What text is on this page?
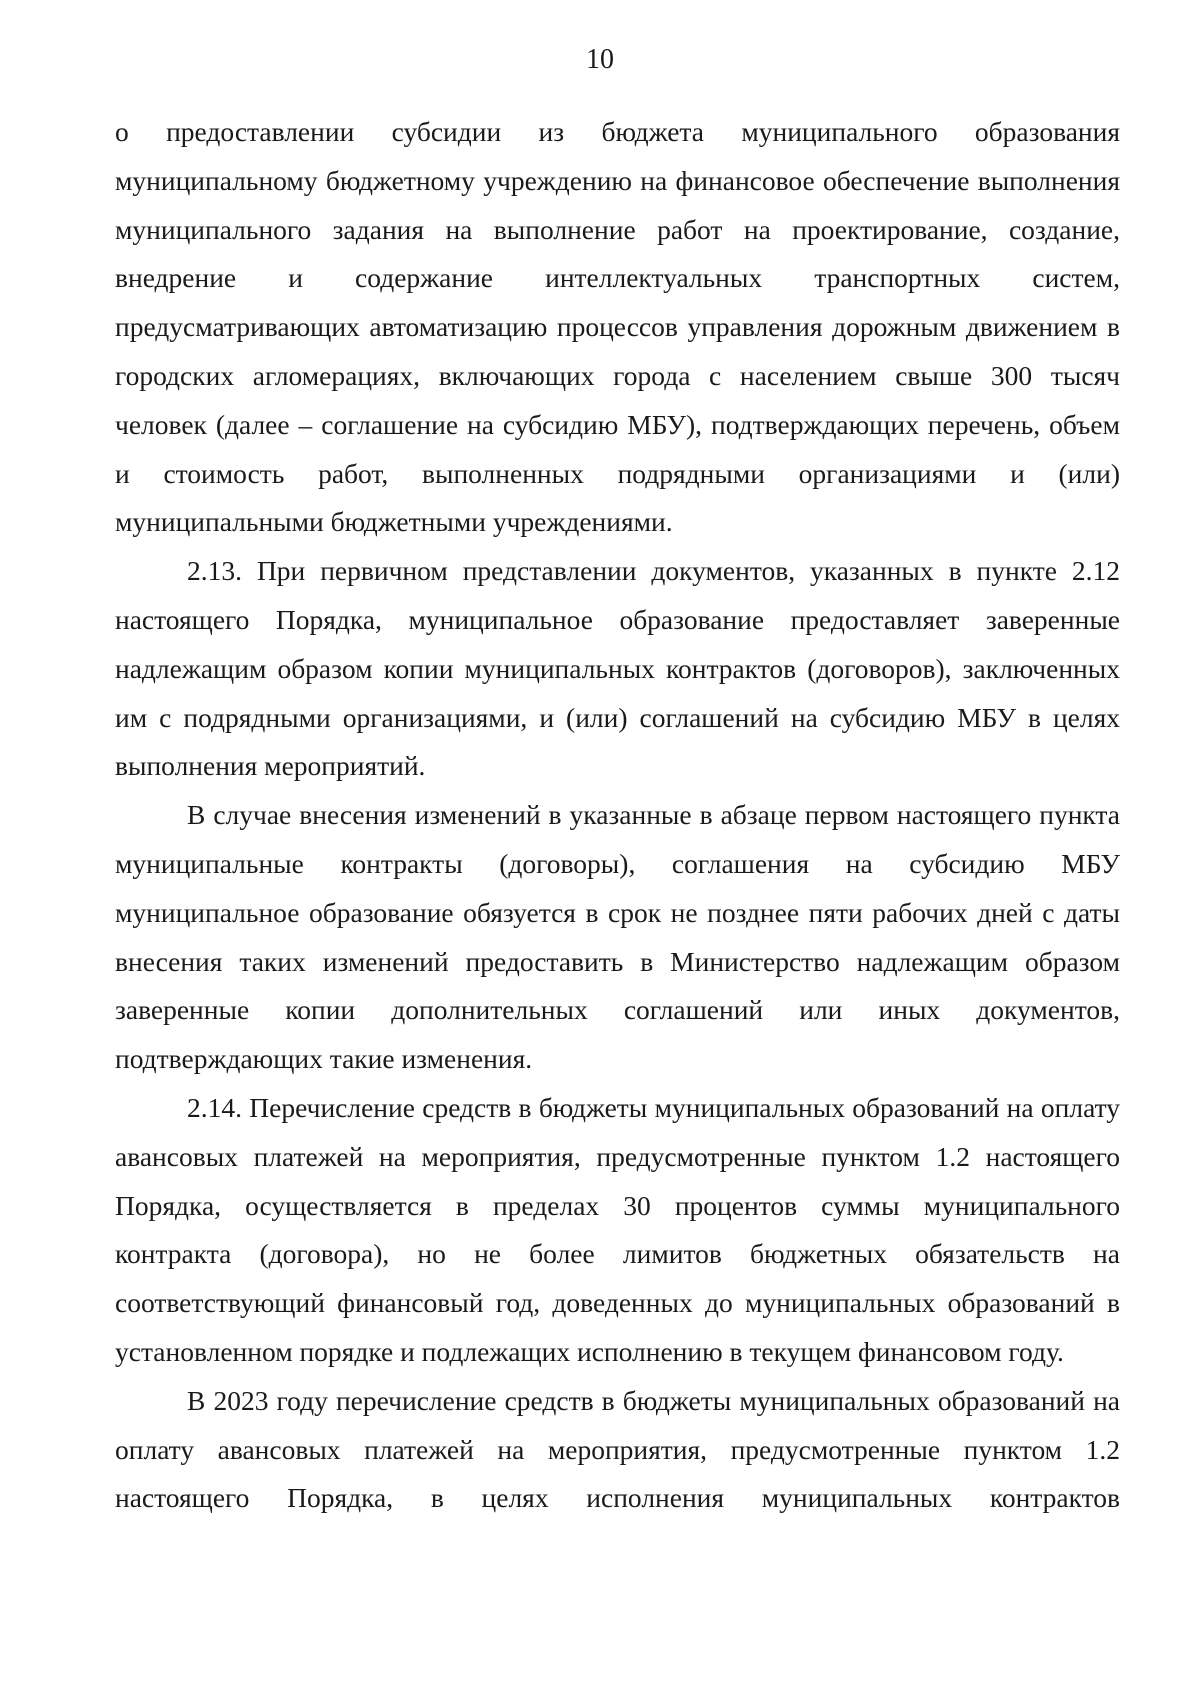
10

о предоставлении субсидии из бюджета муниципального образования муниципальному бюджетному учреждению на финансовое обеспечение выполнения муниципального задания на выполнение работ на проектирование, создание, внедрение и содержание интеллектуальных транспортных систем, предусматривающих автоматизацию процессов управления дорожным движением в городских агломерациях, включающих города с населением свыше 300 тысяч человек (далее – соглашение на субсидию МБУ), подтверждающих перечень, объем и стоимость работ, выполненных подрядными организациями и (или) муниципальными бюджетными учреждениями.

2.13. При первичном представлении документов, указанных в пункте 2.12 настоящего Порядка, муниципальное образование предоставляет заверенные надлежащим образом копии муниципальных контрактов (договоров), заключенных им с подрядными организациями, и (или) соглашений на субсидию МБУ в целях выполнения мероприятий.

В случае внесения изменений в указанные в абзаце первом настоящего пункта муниципальные контракты (договоры), соглашения на субсидию МБУ муниципальное образование обязуется в срок не позднее пяти рабочих дней с даты внесения таких изменений предоставить в Министерство надлежащим образом заверенные копии дополнительных соглашений или иных документов, подтверждающих такие изменения.

2.14. Перечисление средств в бюджеты муниципальных образований на оплату авансовых платежей на мероприятия, предусмотренные пунктом 1.2 настоящего Порядка, осуществляется в пределах 30 процентов суммы муниципального контракта (договора), но не более лимитов бюджетных обязательств на соответствующий финансовый год, доведенных до муниципальных образований в установленном порядке и подлежащих исполнению в текущем финансовом году.

В 2023 году перечисление средств в бюджеты муниципальных образований на оплату авансовых платежей на мероприятия, предусмотренные пунктом 1.2 настоящего Порядка, в целях исполнения муниципальных контрактов
